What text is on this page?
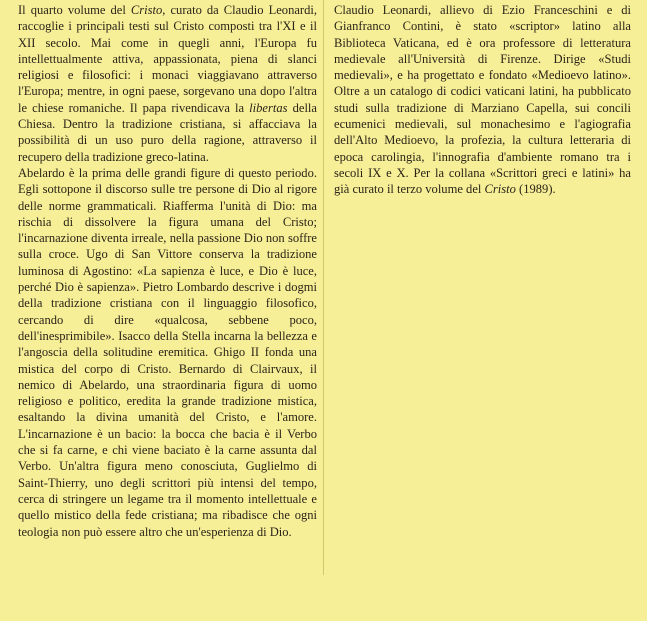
Il quarto volume del Cristo, curato da Claudio Leonardi, raccoglie i principali testi sul Cristo composti tra l'XI e il XII secolo. Mai come in quegli anni, l'Europa fu intellettualmente attiva, appassionata, piena di slanci religiosi e filosofici: i monaci viaggiavano attraverso l'Europa; mentre, in ogni paese, sorgevano una dopo l'altra le chiese romaniche. Il papa rivendicava la libertas della Chiesa. Dentro la tradizione cristiana, si affacciava la possibilità di un uso puro della ragione, attraverso il recupero della tradizione greco-latina.

Abelardo è la prima delle grandi figure di questo periodo. Egli sottopone il discorso sulle tre persone di Dio al rigore delle norme grammaticali. Riafferma l'unità di Dio: ma rischia di dissolvere la figura umana del Cristo; l'incarnazione diventa irreale, nella passione Dio non soffre sulla croce. Ugo di San Vittore conserva la tradizione luminosa di Agostino: «La sapienza è luce, e Dio è luce, perché Dio è sapienza». Pietro Lombardo descrive i dogmi della tradizione cristiana con il linguaggio filosofico, cercando di dire «qualcosa, sebbene poco, dell'inesprimibile». Isacco della Stella incarna la bellezza e l'angoscia della solitudine eremitica. Ghigo II fonda una mistica del corpo di Cristo. Bernardo di Clairvaux, il nemico di Abelardo, una straordinaria figura di uomo religioso e politico, eredita la grande tradizione mistica, esaltando la divina umanità del Cristo, e l'amore. L'incarnazione è un bacio: la bocca che bacia è il Verbo che si fa carne, e chi viene baciato è la carne assunta dal Verbo. Un'altra figura meno conosciuta, Guglielmo di Saint-Thierry, uno degli scrittori più intensi del tempo, cerca di stringere un legame tra il momento intellettuale e quello mistico della fede cristiana; ma ribadisce che ogni teologia non può essere altro che un'esperienza di Dio.

Claudio Leonardi, allievo di Ezio Franceschini e di Gianfranco Contini, è stato «scriptor» latino alla Biblioteca Vaticana, ed è ora professore di letteratura medievale all'Università di Firenze. Dirige «Studi medievali», e ha progettato e fondato «Medioevo latino». Oltre a un catalogo di codici vaticani latini, ha pubblicato studi sulla tradizione di Marziano Capella, sui concili ecumenici medievali, sul monachesimo e l'agiografia dell'Alto Medioevo, la profezia, la cultura letteraria di epoca carolingia, l'innografia d'ambiente romano tra i secoli IX e X. Per la collana «Scrittori greci e latini» ha già curato il terzo volume del Cristo (1989).
